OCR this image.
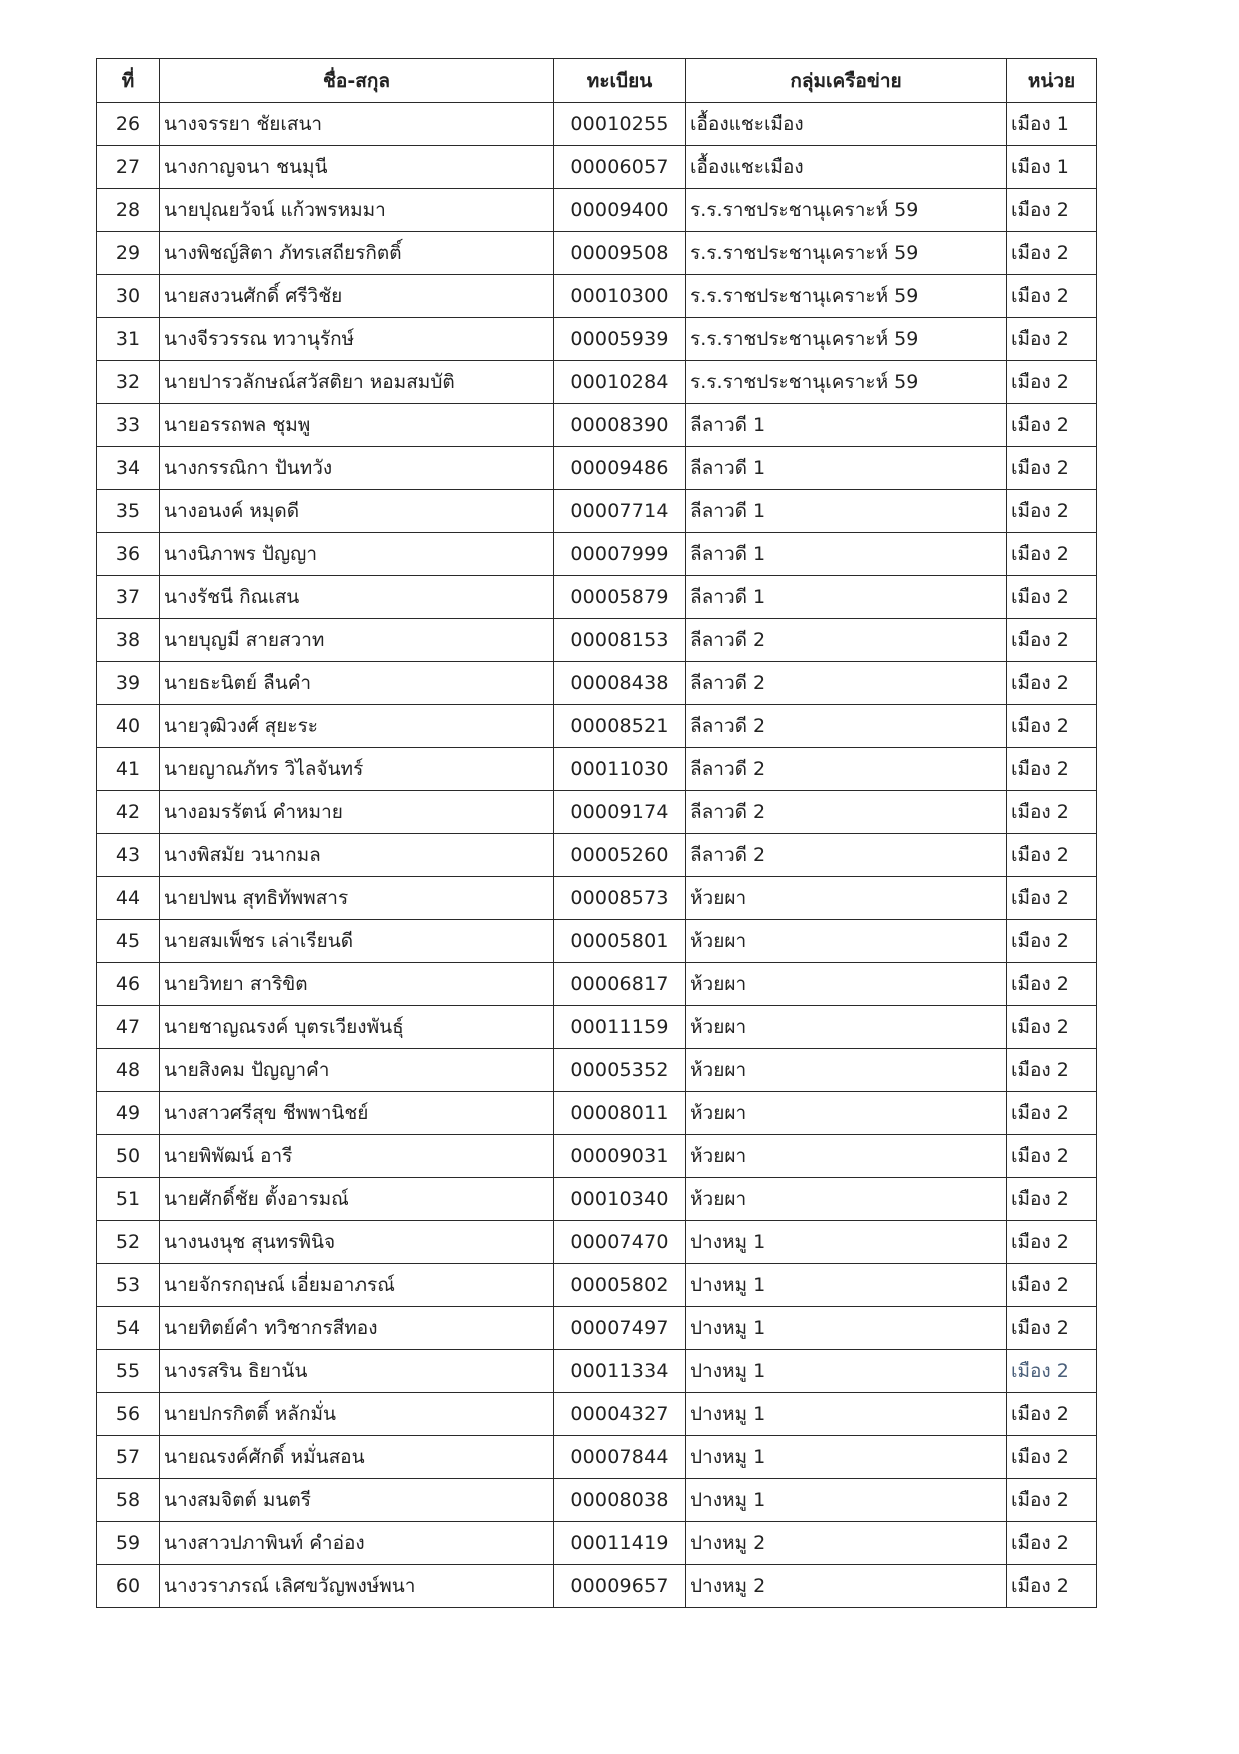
ที่	ชื่อ-สกุล	ทะเบียน	กลุ่มเครือข่าย	หน่วย
26	นางจรรยา ชัยเสนา	00010255	เอื้องแชะเมือง	เมือง 1
27	นางกาญจนา ชนมุนี	00006057	เอื้องแชะเมือง	เมือง 1
28	นายปุณยวัจน์ แก้วพรหมมา	00009400	ร.ร.ราชประชานุเคราะห์ 59	เมือง 2
29	นางพิชญ์สิตา ภัทรเสถียรกิตติ์	00009508	ร.ร.ราชประชานุเคราะห์ 59	เมือง 2
30	นายสงวนศักดิ์ ศรีวิชัย	00010300	ร.ร.ราชประชานุเคราะห์ 59	เมือง 2
31	นางจีรวรรณ ทวานุรักษ์	00005939	ร.ร.ราชประชานุเคราะห์ 59	เมือง 2
32	นายปารวลักษณ์สวัสติยา หอมสมบัติ	00010284	ร.ร.ราชประชานุเคราะห์ 59	เมือง 2
33	นายอรรถพล ชุมพู	00008390	ลีลาวดี 1	เมือง 2
34	นางกรรณิกา ปันทวัง	00009486	ลีลาวดี 1	เมือง 2
35	นางอนงค์ หมุดดี	00007714	ลีลาวดี 1	เมือง 2
36	นางนิภาพร ปัญญา	00007999	ลีลาวดี 1	เมือง 2
37	นางรัชนี กิณเสน	00005879	ลีลาวดี 1	เมือง 2
38	นายบุญมี สายสวาท	00008153	ลีลาวดี 2	เมือง 2
39	นายธะนิตย์ ลืนคำ	00008438	ลีลาวดี 2	เมือง 2
40	นายวุฒิวงศ์ สุยะระ	00008521	ลีลาวดี 2	เมือง 2
41	นายญาณภัทร วิไลจันทร์	00011030	ลีลาวดี 2	เมือง 2
42	นางอมรรัตน์ คำหมาย	00009174	ลีลาวดี 2	เมือง 2
43	นางพิสมัย วนากมล	00005260	ลีลาวดี 2	เมือง 2
44	นายปพน สุทธิทัพพสาร	00008573	ห้วยผา	เมือง 2
45	นายสมเพ็ชร เล่าเรียนดี	00005801	ห้วยผา	เมือง 2
46	นายวิทยา สาริขิต	00006817	ห้วยผา	เมือง 2
47	นายชาญณรงค์ บุตรเวียงพันธุ์	00011159	ห้วยผา	เมือง 2
48	นายสิงคม ปัญญาคำ	00005352	ห้วยผา	เมือง 2
49	นางสาวศรีสุข ชีพพานิชย์	00008011	ห้วยผา	เมือง 2
50	นายพิพัฒน์ อารี	00009031	ห้วยผา	เมือง 2
51	นายศักดิ์ชัย ตั้งอารมณ์	00010340	ห้วยผา	เมือง 2
52	นางนงนุช สุนทรพินิจ	00007470	ปางหมู 1	เมือง 2
53	นายจักรกฤษณ์ เอี่ยมอาภรณ์	00005802	ปางหมู 1	เมือง 2
54	นายทิตย์คำ ทวิชากรสีทอง	00007497	ปางหมู 1	เมือง 2
55	นางรสริน ธิยานัน	00011334	ปางหมู 1	เมือง 2
56	นายปกรกิตติ์ หลักมั่น	00004327	ปางหมู 1	เมือง 2
57	นายณรงค์ศักดิ์ หมั่นสอน	00007844	ปางหมู 1	เมือง 2
58	นางสมจิตต์ มนตรี	00008038	ปางหมู 1	เมือง 2
59	นางสาวปภาพินท์ คำอ่อง	00011419	ปางหมู 2	เมือง 2
60	นางวราภรณ์ เลิศขวัญพงษ์พนา	00009657	ปางหมู 2	เมือง 2
